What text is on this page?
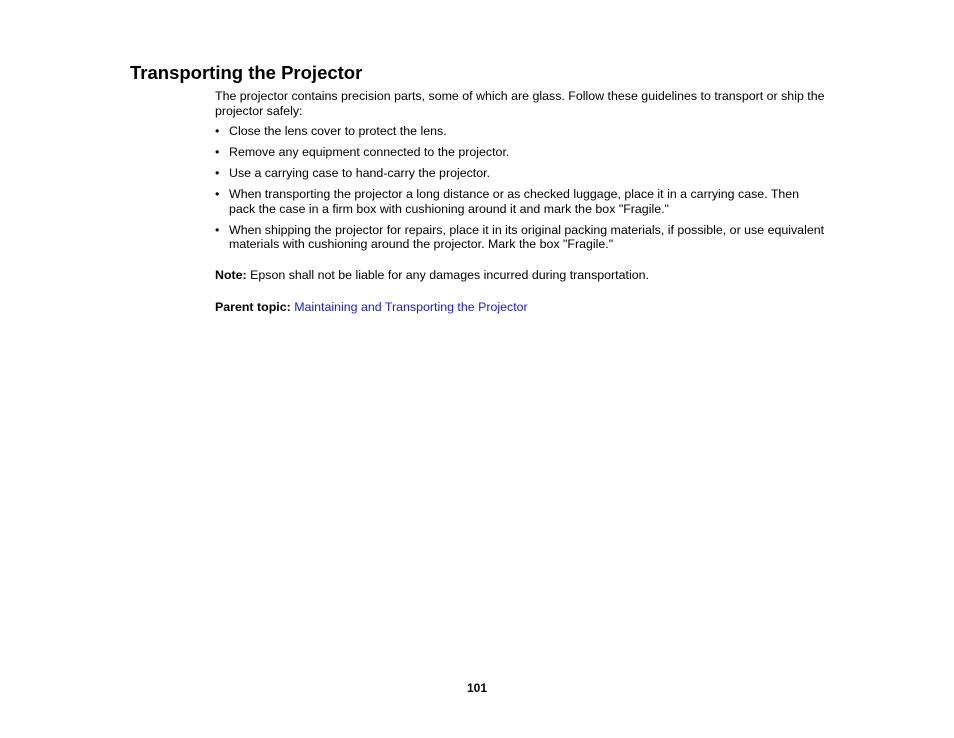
Transporting the Projector

The projector contains precision parts, some of which are glass. Follow these guidelines to transport or ship the projector safely:

• Close the lens cover to protect the lens.
• Remove any equipment connected to the projector.
• Use a carrying case to hand-carry the projector.
• When transporting the projector a long distance or as checked luggage, place it in a carrying case. Then pack the case in a firm box with cushioning around it and mark the box "Fragile."
• When shipping the projector for repairs, place it in its original packing materials, if possible, or use equivalent materials with cushioning around the projector. Mark the box "Fragile."

Note: Epson shall not be liable for any damages incurred during transportation.

Parent topic: Maintaining and Transporting the Projector

101
